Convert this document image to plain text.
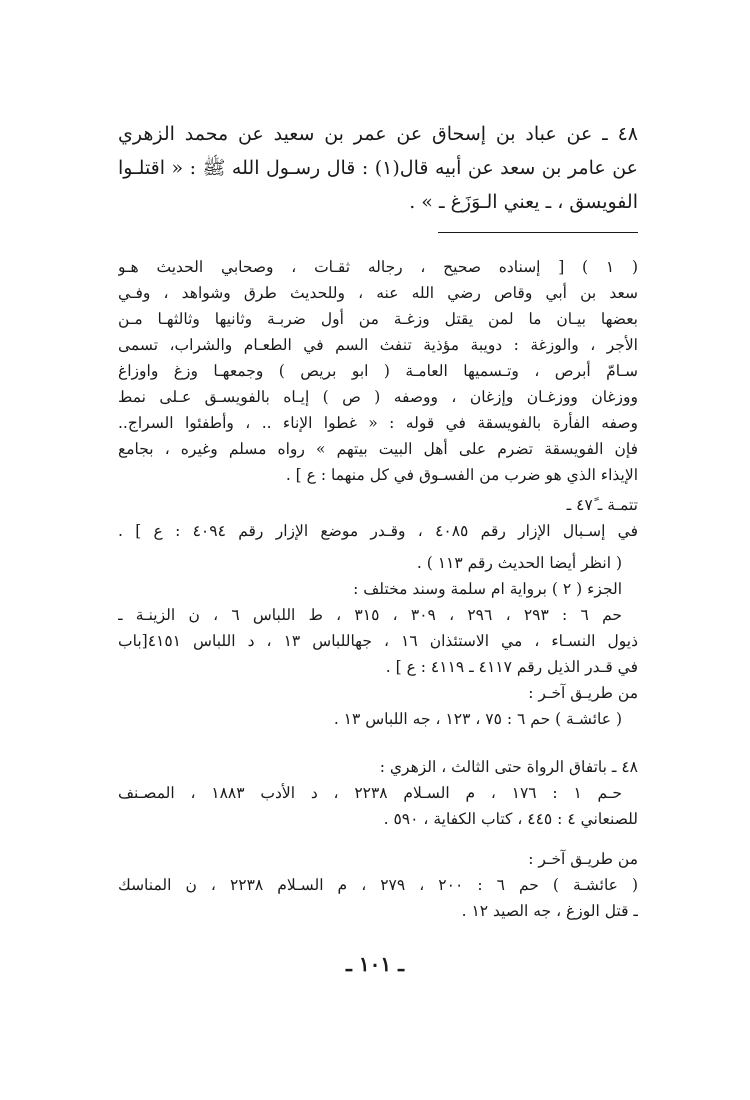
٤٨ً ـ عن عباد بن إسحاق عن عمر بن سعيد عن محمد الزهري
عن عامر بن سعد عن أبيه قال(١) : قال رسـول الله ﷺ : « اقتلـوا
الفويسق ، ـ يعني الـوَزَغ ـ » .
( ١ ) [ إسناده صحيح ، رجاله ثقـات ، وصحابي الحديث هـو
سعد بن أبي وقاص رضي الله عنه ، وللحديث طرق وشواهد ، وفـي
بعضها بيـان ما لمن يقتل وزغـة من أول ضربـة وثانيها وثالثهـا مـن
الأجر ، والوزغة : دويبة مؤذية تنفث السم في الطعـام والشراب، تسمى
سـامّ أبرص ، وتـسميها العامـة ( ابو بريص ) وجمعهـا وزغ واوزاغ
ووزغان ووزغـان وإزغان ، ووصفه ( ص ) إيـاه بالفويسـق عـلى نمط
وصفه الفأرة بالفويسقة في قوله : « غطوا الإناء .. ، وأطفئوا السراج..
فإن الفويسقة تضرم على أهل البيت بيتهم » رواه مسلم وغيره ، بجامع
الإيذاء الذي هو ضرب من الفسـوق في كل منهما : ع ] .
تتمـة ـ ٤٧ً ـ
في إسـبال الإزار رقم ٤٠٨٥ ، وقـدر موضع الإزار رقم ٤٠٩٤ : ع ] .
( انظر أيضا الحديث رقم ١١٣ ) .
الجزء ( ٢ ) برواية ام سلمة وسند مختلف :
حم ٦ : ٢٩٣ ، ٢٩٦ ، ٣٠٩ ، ٣١٥ ، ط اللباس ٦ ، ن الزينـة ـ
ذيول النسـاء ، مي الاستئذان ١٦ ، جهاللباس ١٣ ، د اللباس ٤١٥١[باب
في قـدر الذيل رقم ٤١١٧ ـ ٤١١٩ : ع ] .
من طريـق آخـر :
( عائشـة ) حم ٦ : ٧٥ ، ١٢٣ ، جه اللباس ١٣ .
٤٨ً ـ باتفاق الرواة حتى الثالث ، الزهري :
حـم ١ : ١٧٦ ، م السـلام ٢٢٣٨ ، د الأدب ١٨٨٣ ، المصـنف
للصنعاني ٤ : ٤٤٥ ، كتاب الكفاية ، ٥٩٠ .
من طريـق آخـر :
( عائشـة ) حم ٦ : ٢٠٠ ، ٢٧٩ ، م السـلام ٢٢٣٨ ، ن المناسك
ـ قتل الوزغ ، جه الصيد ١٢ .
ـ ١٠١ ـ
